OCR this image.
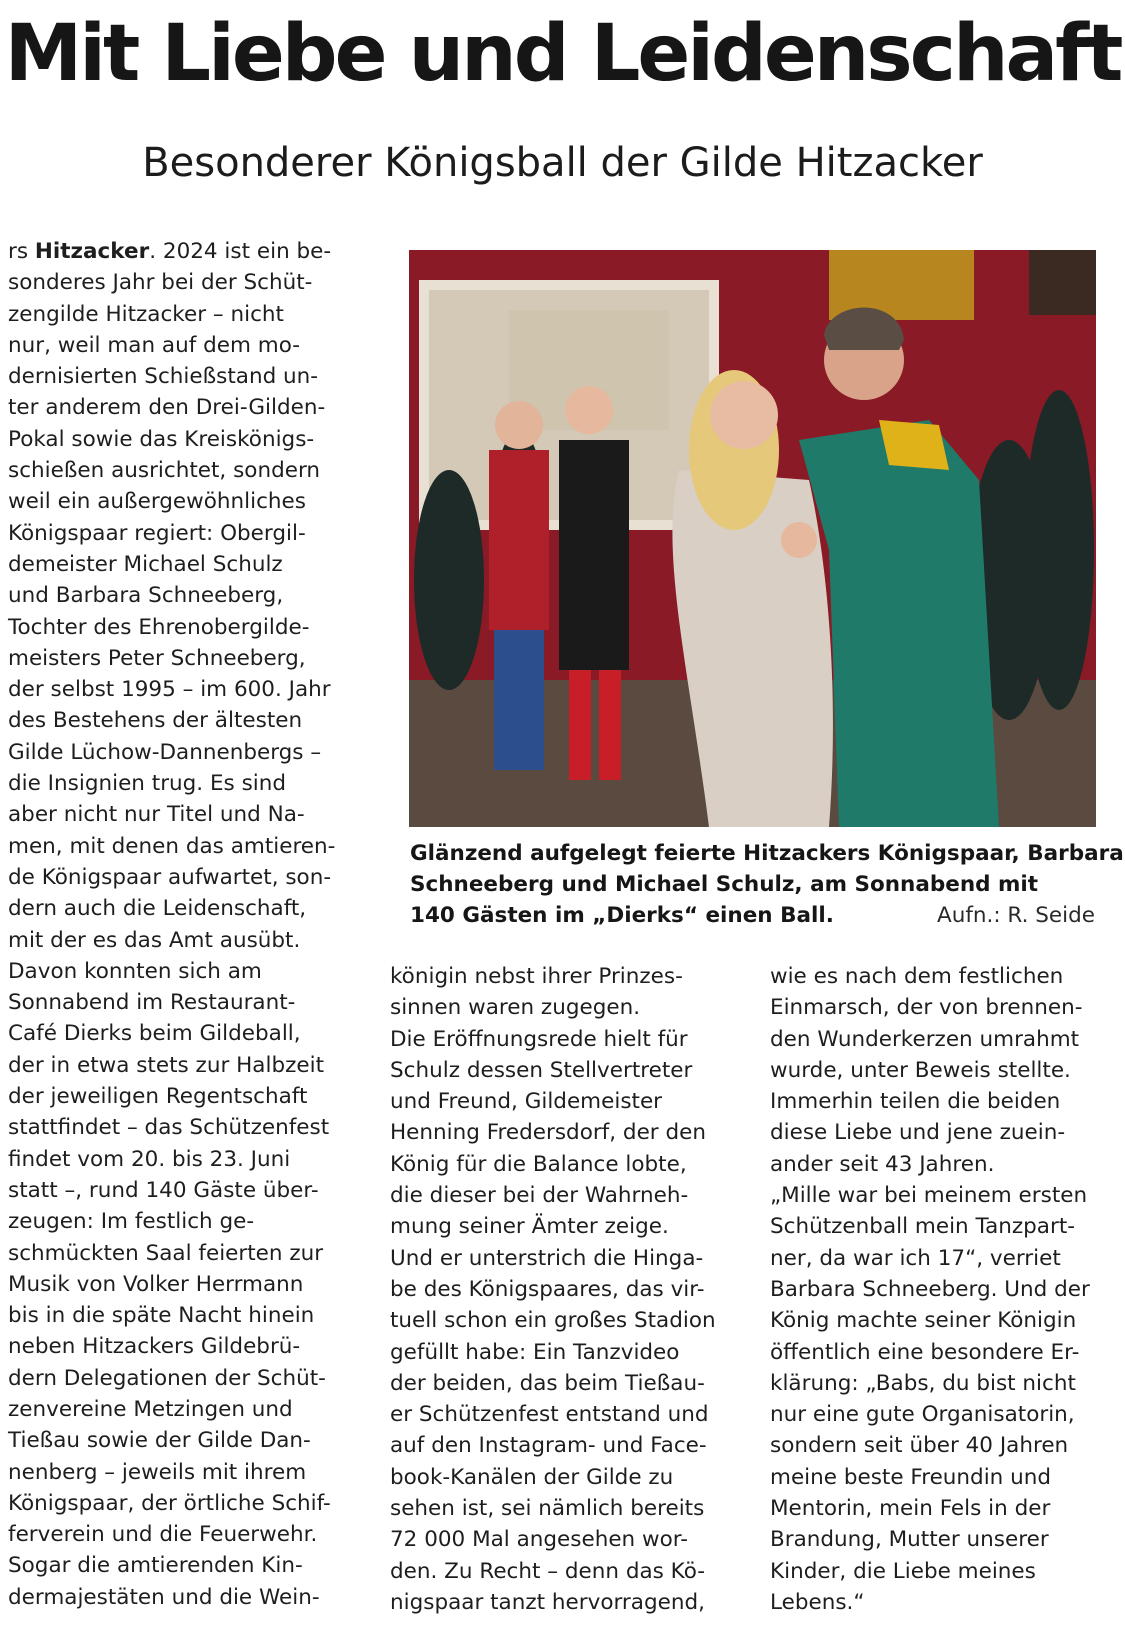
Mit Liebe und Leidenschaft
Besonderer Königsball der Gilde Hitzacker
rs Hitzacker. 2024 ist ein be-
sonderes Jahr bei der Schüt-
zengilde Hitzacker – nicht
nur, weil man auf dem mo-
dernisierten Schießstand un-
ter anderem den Drei-Gilden-
Pokal sowie das Kreiskönigs-
schießen ausrichtet, sondern
weil ein außergewöhnliches
Königspaar regiert: Obergil-
demeister Michael Schulz
und Barbara Schneeberg,
Tochter des Ehrenobergilde-
meisters Peter Schneeberg,
der selbst 1995 – im 600. Jahr
des Bestehens der ältesten
Gilde Lüchow-Dannenbergs –
die Insignien trug. Es sind
aber nicht nur Titel und Na-
men, mit denen das amtieren-
de Königspaar aufwartet, son-
dern auch die Leidenschaft,
mit der es das Amt ausübt.
Davon konnten sich am
Sonnabend im Restaurant-
Café Dierks beim Gildeball,
der in etwa stets zur Halbzeit
der jeweiligen Regentschaft
stattfindet – das Schützenfest
findet vom 20. bis 23. Juni
statt –, rund 140 Gäste über-
zeugen: Im festlich ge-
schmückten Saal feierten zur
Musik von Volker Herrmann
bis in die späte Nacht hinein
neben Hitzackers Gildebrü-
dern Delegationen der Schüt-
zenvereine Metzingen und
Tießau sowie der Gilde Dan-
nenberg – jeweils mit ihrem
Königspaar, der örtliche Schif-
ferverein und die Feuerwehr.
Sogar die amtierenden Kin-
dermajestäten und die Wein-
Glänzend aufgelegt feierte Hitzackers Königspaar, Barbara
Schneeberg und Michael Schulz, am Sonnabend mit
140 Gästen im „Dierks“ einen Ball.	Aufn.: R. Seide
königin nebst ihrer Prinzes-
sinnen waren zugegen.
Die Eröffnungsrede hielt für
Schulz dessen Stellvertreter
und Freund, Gildemeister
Henning Fredersdorf, der den
König für die Balance lobte,
die dieser bei der Wahrneh-
mung seiner Ämter zeige.
Und er unterstrich die Hinga-
be des Königspaares, das vir-
tuell schon ein großes Stadion
gefüllt habe: Ein Tanzvideo
der beiden, das beim Tießau-
er Schützenfest entstand und
auf den Instagram- und Face-
book-Kanälen der Gilde zu
sehen ist, sei nämlich bereits
72 000 Mal angesehen wor-
den. Zu Recht – denn das Kö-
nigspaar tanzt hervorragend,
wie es nach dem festlichen
Einmarsch, der von brennen-
den Wunderkerzen umrahmt
wurde, unter Beweis stellte.
Immerhin teilen die beiden
diese Liebe und jene zuein-
ander seit 43 Jahren.
„Mille war bei meinem ersten
Schützenball mein Tanzpart-
ner, da war ich 17“, verriet
Barbara Schneeberg. Und der
König machte seiner Königin
öffentlich eine besondere Er-
klärung: „Babs, du bist nicht
nur eine gute Organisatorin,
sondern seit über 40 Jahren
meine beste Freundin und
Mentorin, mein Fels in der
Brandung, Mutter unserer
Kinder, die Liebe meines
Lebens.“
